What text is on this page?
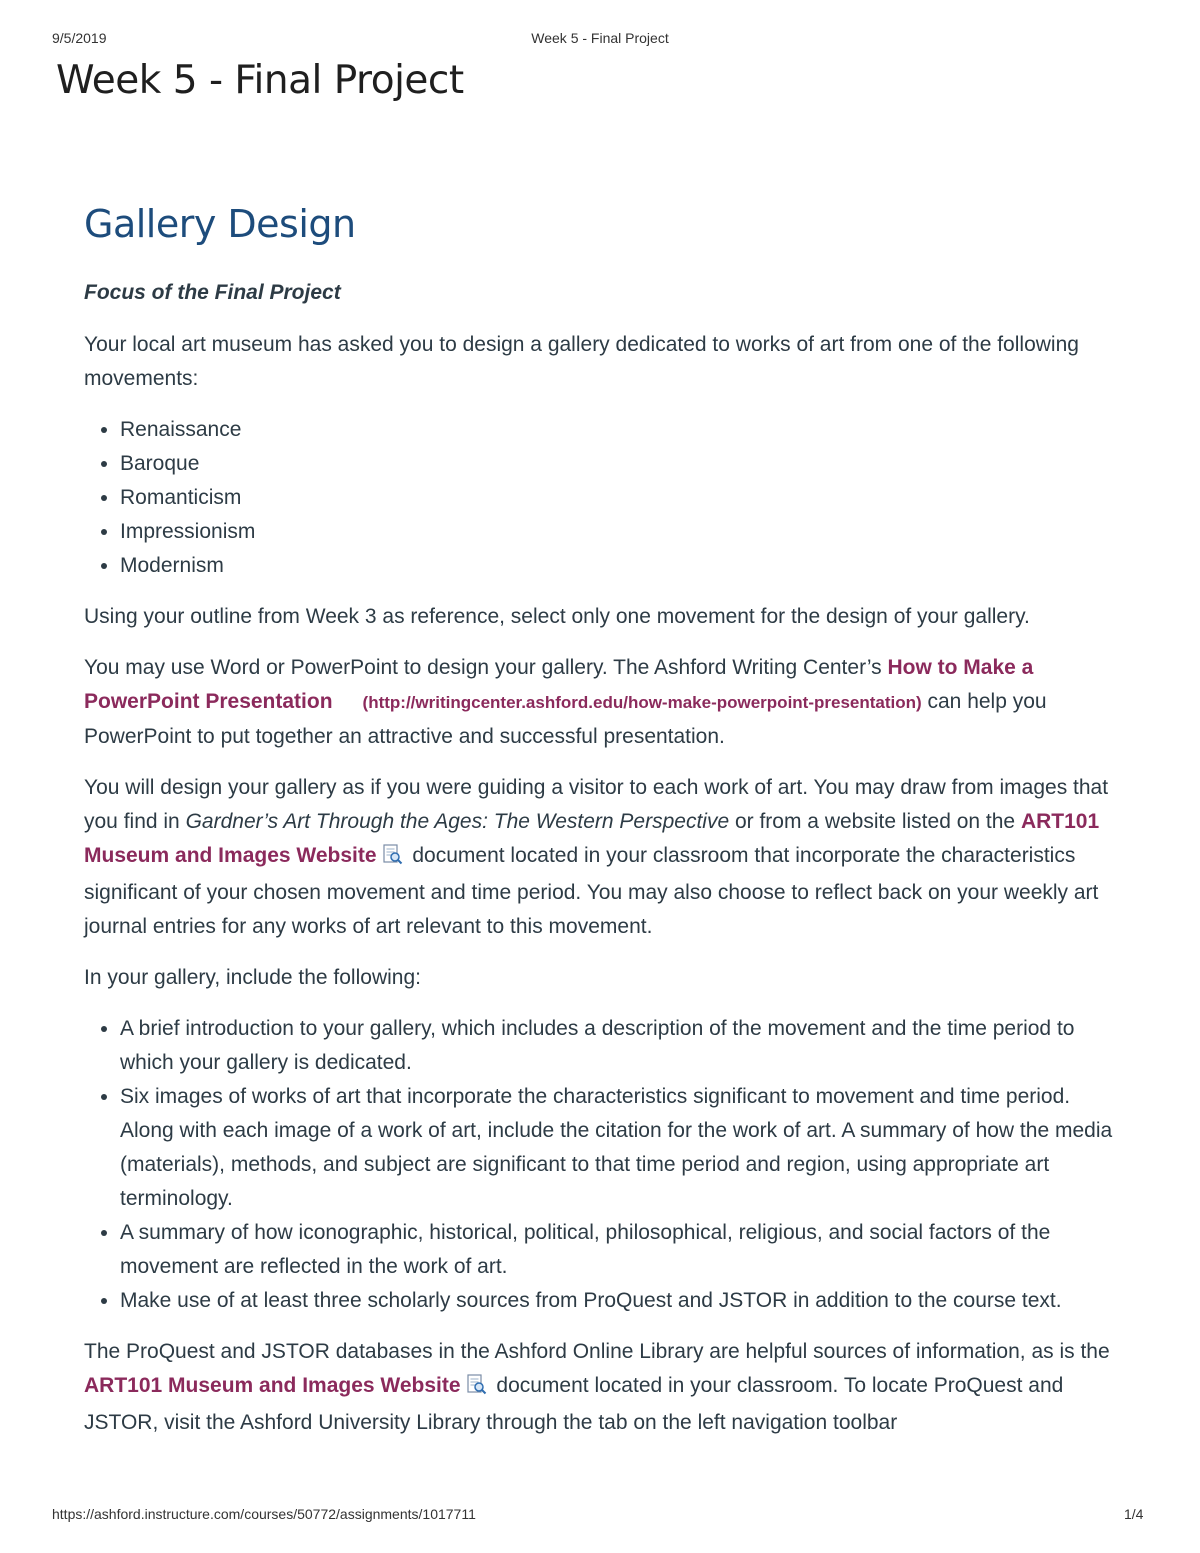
9/5/2019	Week 5 - Final Project
Week 5 - Final Project
Gallery Design

Focus of the Final Project

Your local art museum has asked you to design a gallery dedicated to works of art from one of the following movements:

• Renaissance
• Baroque
• Romanticism
• Impressionism
• Modernism

Using your outline from Week 3 as reference, select only one movement for the design of your gallery.

You may use Word or PowerPoint to design your gallery. The Ashford Writing Center’s How to Make a PowerPoint Presentation (http://writingcenter.ashford.edu/how-make-powerpoint-presentation) can help you PowerPoint to put together an attractive and successful presentation.

You will design your gallery as if you were guiding a visitor to each work of art. You may draw from images that you find in Gardner’s Art Through the Ages: The Western Perspective or from a website listed on the ART101 Museum and Images Website document located in your classroom that incorporate the characteristics significant of your chosen movement and time period. You may also choose to reflect back on your weekly art journal entries for any works of art relevant to this movement.

In your gallery, include the following:

• A brief introduction to your gallery, which includes a description of the movement and the time period to which your gallery is dedicated.
• Six images of works of art that incorporate the characteristics significant to movement and time period. Along with each image of a work of art, include the citation for the work of art. A summary of how the media (materials), methods, and subject are significant to that time period and region, using appropriate art terminology.
• A summary of how iconographic, historical, political, philosophical, religious, and social factors of the movement are reflected in the work of art.
• Make use of at least three scholarly sources from ProQuest and JSTOR in addition to the course text.

The ProQuest and JSTOR databases in the Ashford Online Library are helpful sources of information, as is the ART101 Museum and Images Website document located in your classroom. To locate ProQuest and JSTOR, visit the Ashford University Library through the tab on the left navigation toolbar

https://ashford.instructure.com/courses/50772/assignments/1017711	1/4
